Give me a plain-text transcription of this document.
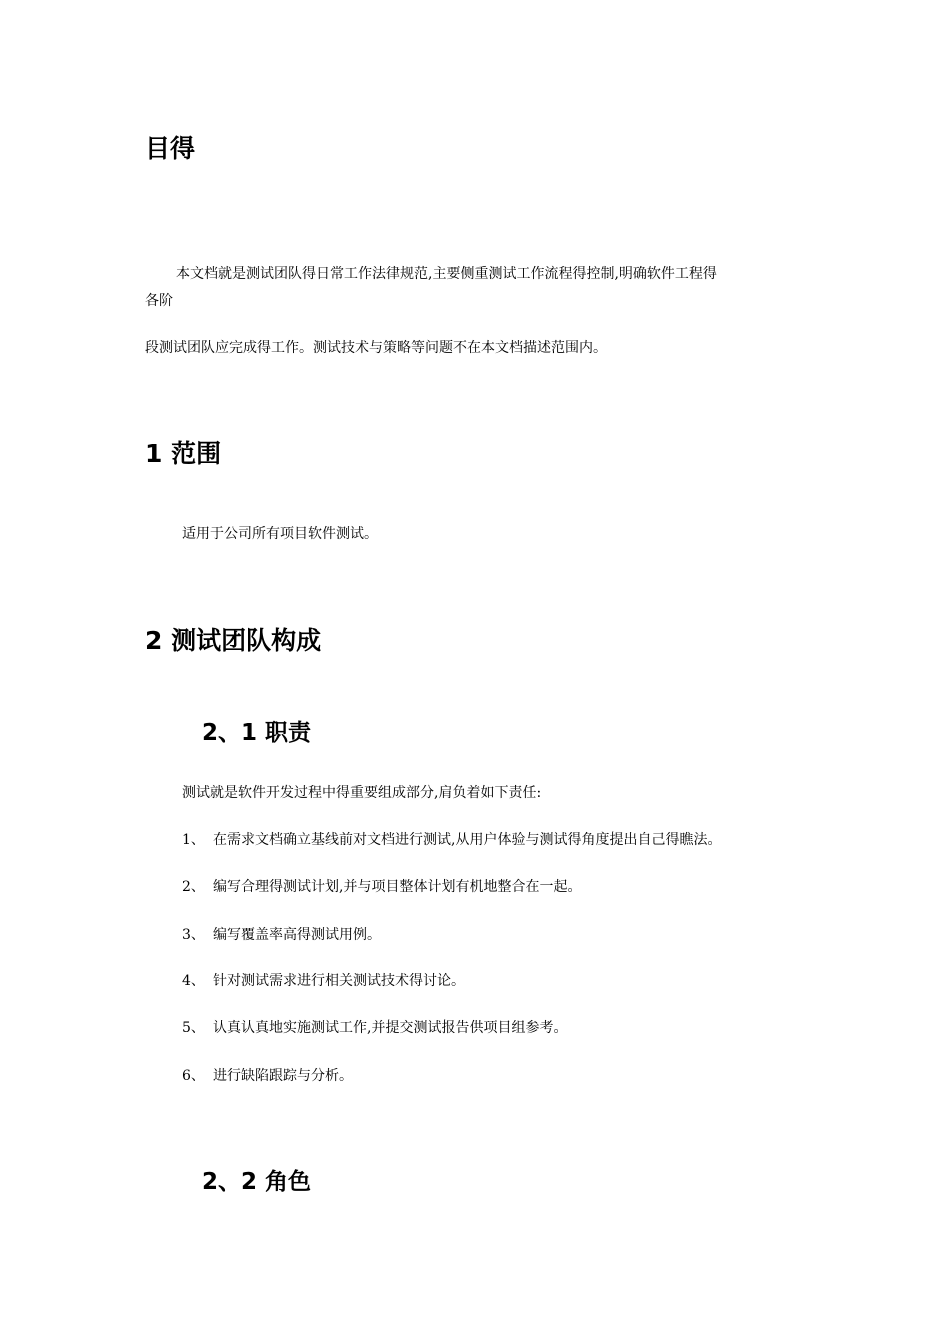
目得

本文档就是测试团队得日常工作法律规范,主要侧重测试工作流程得控制,明确软件工程得

各阶

段测试团队应完成得工作。测试技术与策略等问题不在本文档描述范围内。

1 范围

适用于公司所有项目软件测试。

2 测试团队构成
2、1 职责

测试就是软件开发过程中得重要组成部分,肩负着如下责任:

1、 在需求文档确立基线前对文档进行测试,从用户体验与测试得角度提出自己得瞧法。

2、 编写合理得测试计划,并与项目整体计划有机地整合在一起。

3、 编写覆盖率高得测试用例。

4、 针对测试需求进行相关测试技术得讨论。

5、 认真认真地实施测试工作,并提交测试报告供项目组参考。

6、 进行缺陷跟踪与分析。

2、2 角色
